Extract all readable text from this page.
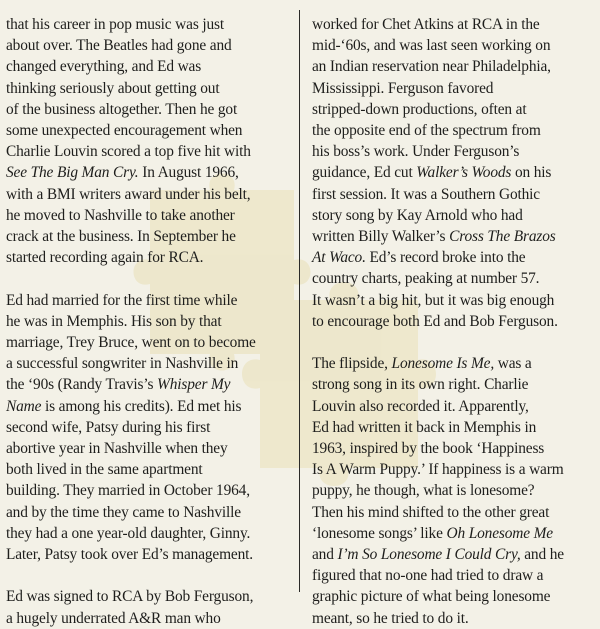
that his career in pop music was just
about over. The Beatles had gone and
changed everything, and Ed was
thinking seriously about getting out
of the business altogether. Then he got
some unexpected encouragement when
Charlie Louvin scored a top five hit with
See The Big Man Cry. In August 1966,
with a BMI writers award under his belt,
he moved to Nashville to take another
crack at the business. In September he
started recording again for RCA.

Ed had married for the first time while
he was in Memphis. His son by that
marriage, Trey Bruce, went on to become
a successful songwriter in Nashville in
the ‘90s (Randy Travis’s Whisper My
Name is among his credits). Ed met his
second wife, Patsy during his first
abortive year in Nashville when they
both lived in the same apartment
building. They married in October 1964,
and by the time they came to Nashville
they had a one year-old daughter, Ginny.
Later, Patsy took over Ed’s management.

Ed was signed to RCA by Bob Ferguson,
a hugely underrated A&R man who

worked for Chet Atkins at RCA in the
mid-‘60s, and was last seen working on
an Indian reservation near Philadelphia,
Mississippi. Ferguson favored
stripped-down productions, often at
the opposite end of the spectrum from
his boss’s work. Under Ferguson’s
guidance, Ed cut Walker’s Woods on his
first session. It was a Southern Gothic
story song by Kay Arnold who had
written Billy Walker’s Cross The Brazos
At Waco. Ed’s record broke into the
country charts, peaking at number 57.
It wasn’t a big hit, but it was big enough
to encourage both Ed and Bob Ferguson.

The flipside, Lonesome Is Me, was a
strong song in its own right. Charlie
Louvin also recorded it. Apparently,
Ed had written it back in Memphis in
1963, inspired by the book ‘Happiness
Is A Warm Puppy.’ If happiness is a warm
puppy, he though, what is lonesome?
Then his mind shifted to the other great
‘lonesome songs’ like Oh Lonesome Me
and I’m So Lonesome I Could Cry, and he
figured that no-one had tried to draw a
graphic picture of what being lonesome
meant, so he tried to do it.
